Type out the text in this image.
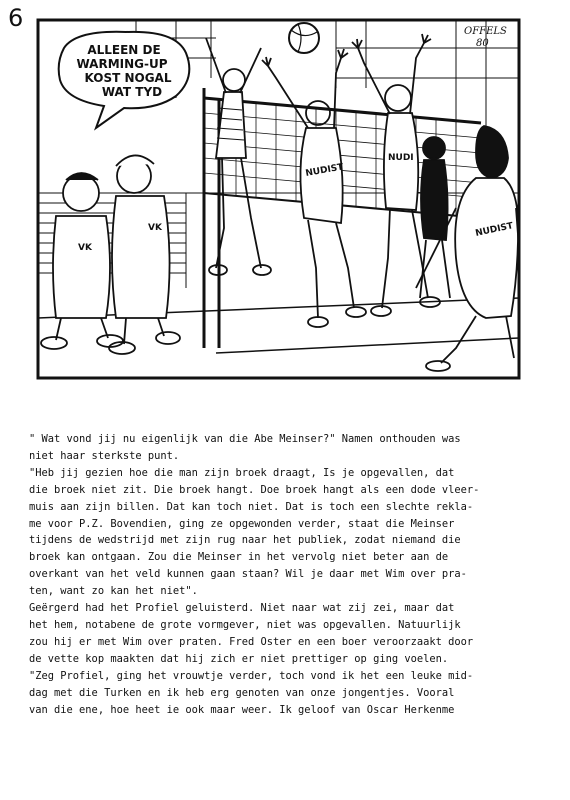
6
ALLEEN DE
WARMING-UP
KOST NOGAL
WAT TYD
NUDIST
NUDI
NUDIST
VK
VK
OFFELS
80
" Wat vond jij nu eigenlijk van die Abe Meinser?" Namen onthouden was
niet haar sterkste punt.
"Heb jij gezien hoe die man zijn broek draagt, Is je opgevallen, dat
die broek niet zit. Die broek hangt. Doe broek hangt als een dode vleer-
muis aan zijn billen. Dat kan toch niet. Dat is toch een slechte rekla-
me voor P.Z. Bovendien, ging ze opgewonden verder, staat die Meinser
tijdens de wedstrijd met zijn rug naar het publiek, zodat niemand die
broek kan ontgaan. Zou die Meinser in het vervolg niet beter aan de
overkant van het veld kunnen gaan staan? Wil je daar met Wim over pra-
ten, want zo kan het niet".
Geërgerd had het Profiel geluisterd. Niet naar wat zij zei, maar dat
het hem, notabene de grote vormgever, niet was opgevallen. Natuurlijk
zou hij er met Wim over praten. Fred Oster en een boer veroorzaakt door
de vette kop maakten dat hij zich er niet prettiger op ging voelen.
"Zeg Profiel, ging het vrouwtje verder, toch vond ik het een leuke mid-
dag met die Turken en ik heb erg genoten van onze jongentjes. Vooral
van die ene, hoe heet ie ook maar weer. Ik geloof van Oscar Herkenme
